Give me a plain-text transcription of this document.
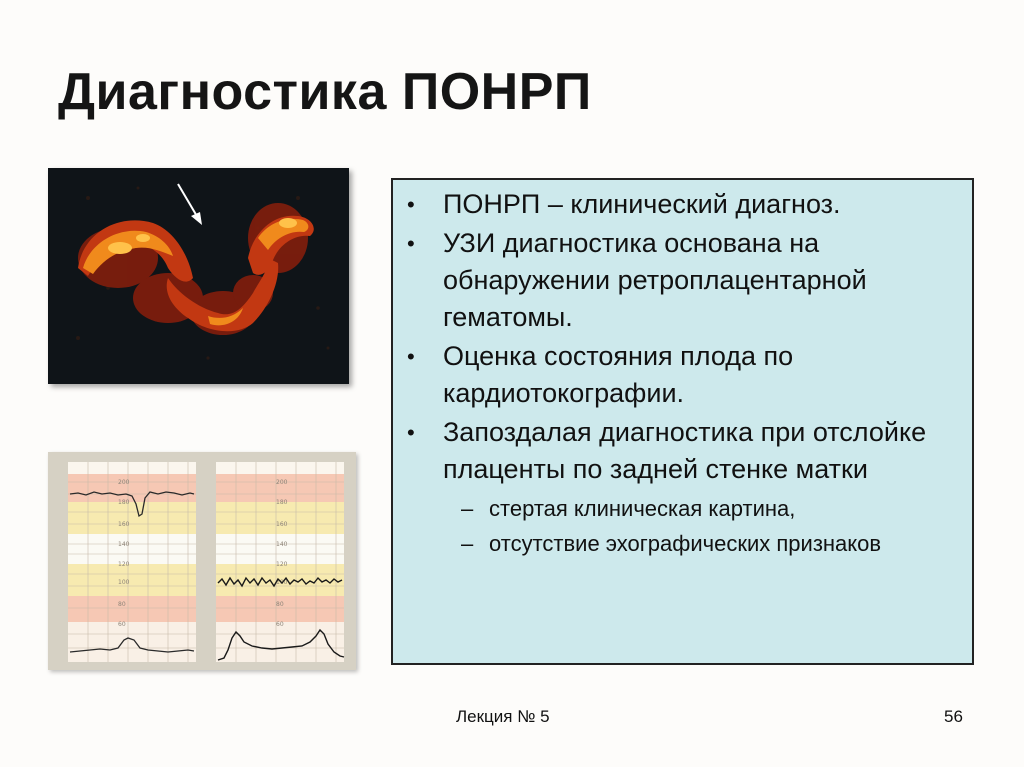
Диагностика ПОНРП
200
180
160
140
120
100
80
60
200
180
160
140
120
100
80
60
• ПОНРП – клинический диагноз.
• УЗИ диагностика основана на обнаружении ретроплацентарной гематомы.
• Оценка состояния плода по кардиотокографии.
• Запоздалая диагностика при отслойке плаценты по задней стенке матки
– стертая клиническая картина,
– отсутствие эхографических признаков
Лекция № 5	56
